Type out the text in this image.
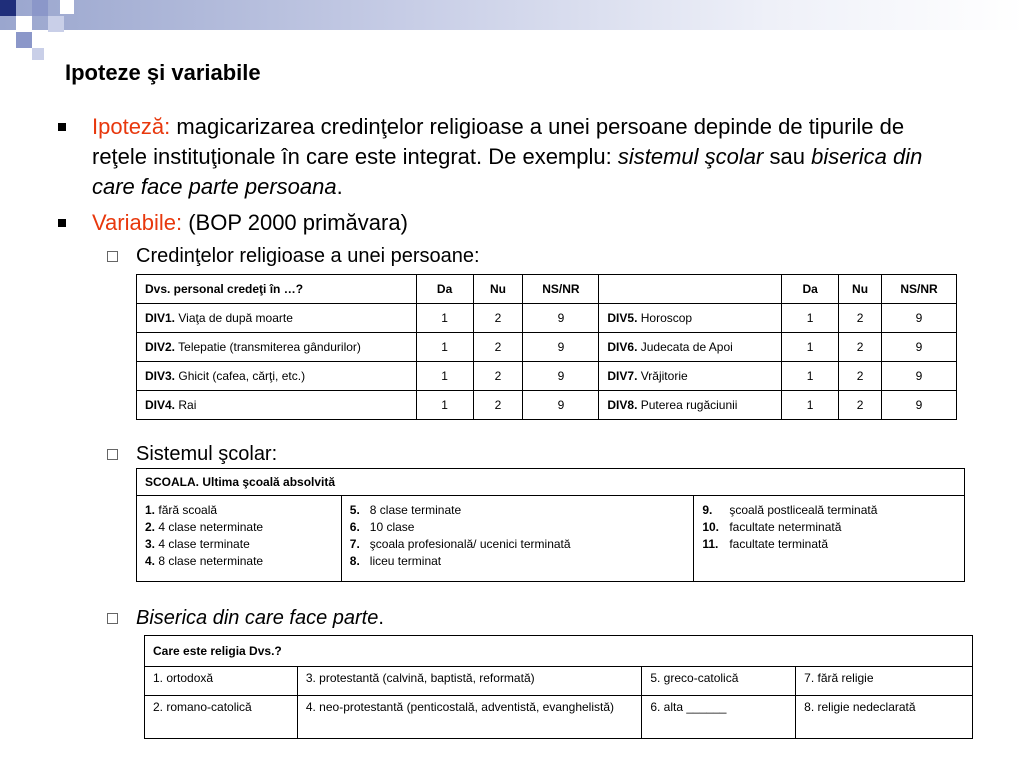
Ipoteze şi variabile
Ipoteză: magicarizarea credinţelor religioase a unei persoane depinde de tipurile de reţele instituţionale în care este integrat. De exemplu: sistemul şcolar sau biserica din care face parte persoana.
Variabile: (BOP 2000 primăvara)
Credinţelor religioase a unei persoane:
Dvs. personal credeţi în …?	Da	Nu	NS/NR		Da	Nu	NS/NR
DIV1. Viaţa de după moarte	1	2	9	DIV5. Horoscop	1	2	9
DIV2. Telepatie (transmiterea gândurilor)	1	2	9	DIV6. Judecata de Apoi	1	2	9
DIV3. Ghicit (cafea, cărţi, etc.)	1	2	9	DIV7. Vrăjitorie	1	2	9
DIV4. Rai	1	2	9	DIV8. Puterea rugăciunii	1	2	9
Sistemul şcolar:
SCOALA. Ultima şcoală absolvită

1. fără scoală
2. 4 clase neterminate
3. 4 clase terminate
4. 8 clase neterminate

5. 8 clase terminate
6. 10 clase
7. şcoala profesională/ ucenici terminată
8. liceu terminat

9. şcoală postliceală terminată
10. facultate neterminată
11. facultate terminată
Biserica din care face parte.
Care este religia Dvs.?			
1. ortodoxă	3. protestantă (calvină, baptistă, reformată)	5. greco-catolică	7. fără religie
2. romano-catolică	4. neo-protestantă (penticostală, adventistă, evanghelistă)	6. alta ______	8. religie nedeclarată
